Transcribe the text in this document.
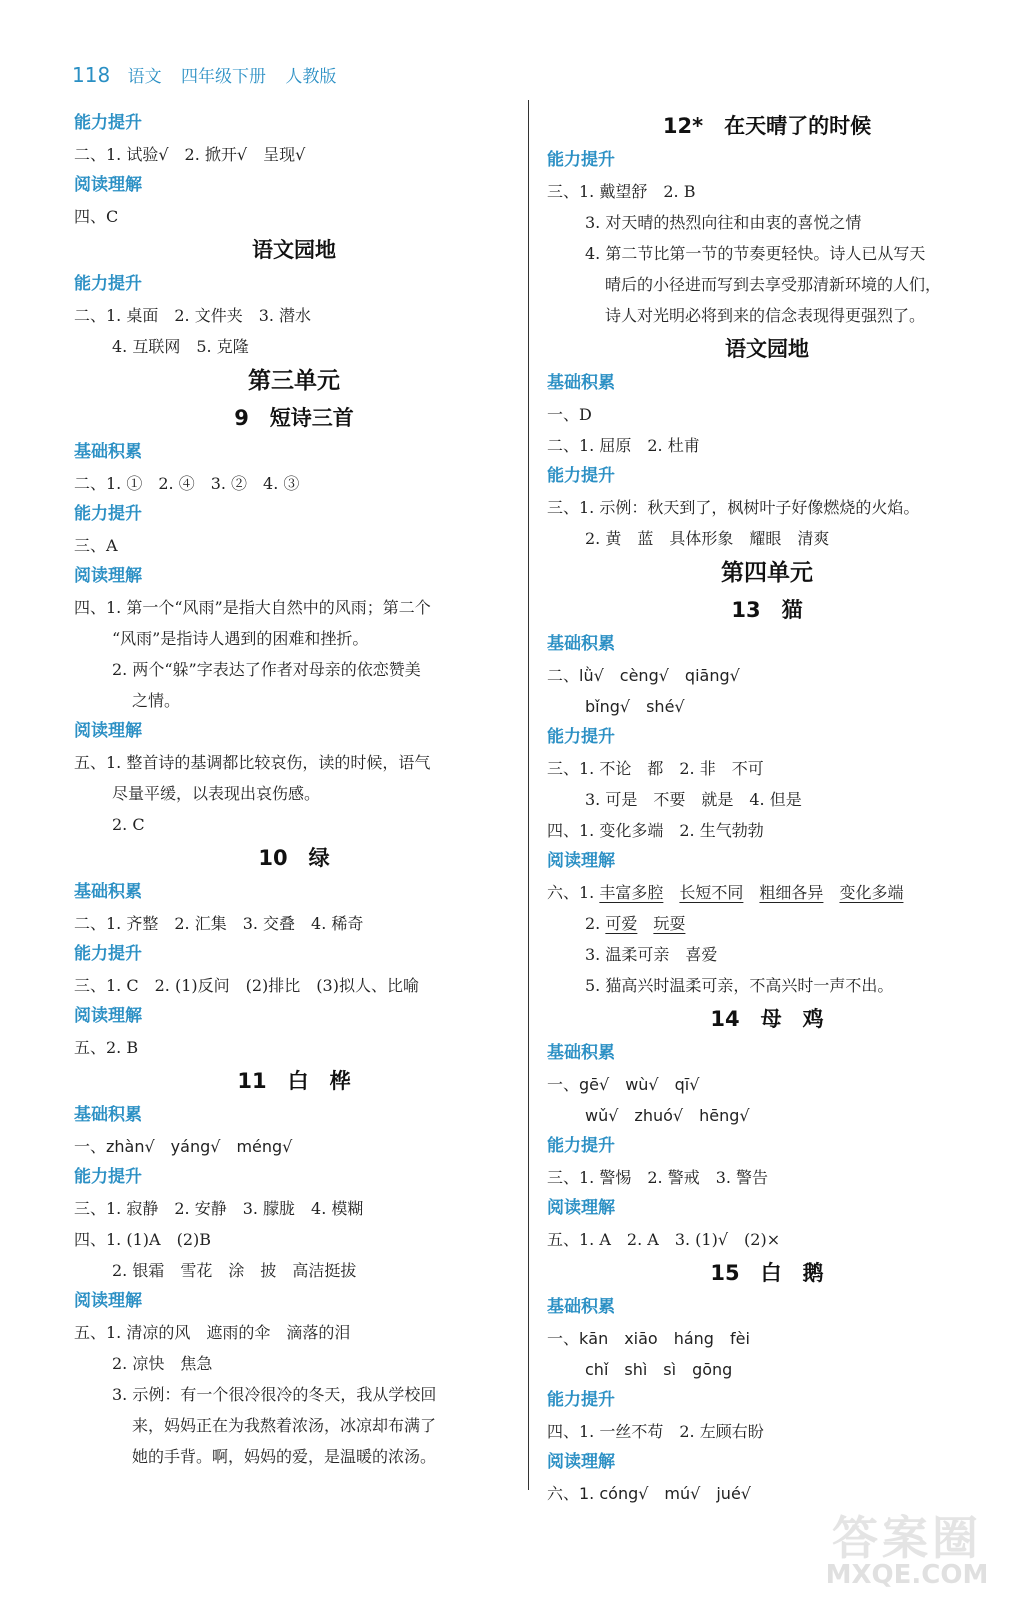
118 语文 四年级下册 人教版
能力提升
二、1. 试验√　2. 掀开√　呈现√
阅读理解
四、C
语文园地
能力提升
二、1. 桌面　2. 文件夹　3. 潜水
4. 互联网　5. 克隆
第三单元
9　短诗三首
基础积累
二、1. ①　2. ④　3. ②　4. ③
能力提升
三、A
阅读理解
四、1. 第一个“风雨”是指大自然中的风雨；第二个
“风雨”是指诗人遇到的困难和挫折。
2. 两个“躲”字表达了作者对母亲的依恋赞美
之情。
阅读理解
五、1. 整首诗的基调都比较哀伤，读的时候，语气
尽量平缓，以表现出哀伤感。
2. C
10　绿
基础积累
二、1. 齐整　2. 汇集　3. 交叠　4. 稀奇
能力提升
三、1. C　2. (1)反问　(2)排比　(3)拟人、比喻
阅读理解
五、2. B
11　白　桦
基础积累
一、zhàn√　yáng√　méng√
能力提升
三、1. 寂静　2. 安静　3. 朦胧　4. 模糊
四、1. (1)A　(2)B
2. 银霜　雪花　涂　披　高洁挺拔
阅读理解
五、1. 清凉的风　遮雨的伞　滴落的泪
2. 凉快　焦急
3. 示例：有一个很冷很冷的冬天，我从学校回
来，妈妈正在为我熬着浓汤，冰凉却布满了
她的手背。啊，妈妈的爱，是温暖的浓汤。
12*　在天晴了的时候
能力提升
三、1. 戴望舒　2. B
3. 对天晴的热烈向往和由衷的喜悦之情
4. 第二节比第一节的节奏更轻快。诗人已从写天
晴后的小径进而写到去享受那清新环境的人们，
诗人对光明必将到来的信念表现得更强烈了。
语文园地
基础积累
一、D
二、1. 屈原　2. 杜甫
能力提升
三、1. 示例：秋天到了，枫树叶子好像燃烧的火焰。
2. 黄　蓝　具体形象　耀眼　清爽
第四单元
13　猫
基础积累
二、lǜ√　cèng√　qiāng√
bǐng√　shé√
能力提升
三、1. 不论　都　2. 非　不可
3. 可是　不要　就是　4. 但是
四、1. 变化多端　2. 生气勃勃
阅读理解
六、1. 丰富多腔　 长短不同　 粗细各异　 变化多端
2. 可爱　 玩耍
3. 温柔可亲　喜爱
5. 猫高兴时温柔可亲，不高兴时一声不出。
14　母　鸡
基础积累
一、gē√　wù√　qī√
wǔ√　zhuó√　hēng√
能力提升
三、1. 警惕　2. 警戒　3. 警告
阅读理解
五、1. A　2. A　3. (1)√　(2)×
15　白　鹅
基础积累
一、kān　xiāo　háng　fèi
chǐ　shì　sì　gōng
能力提升
四、1. 一丝不苟　2. 左顾右盼
阅读理解
六、1. cóng√　mú√　jué√
答案圈
MXQE.COM
